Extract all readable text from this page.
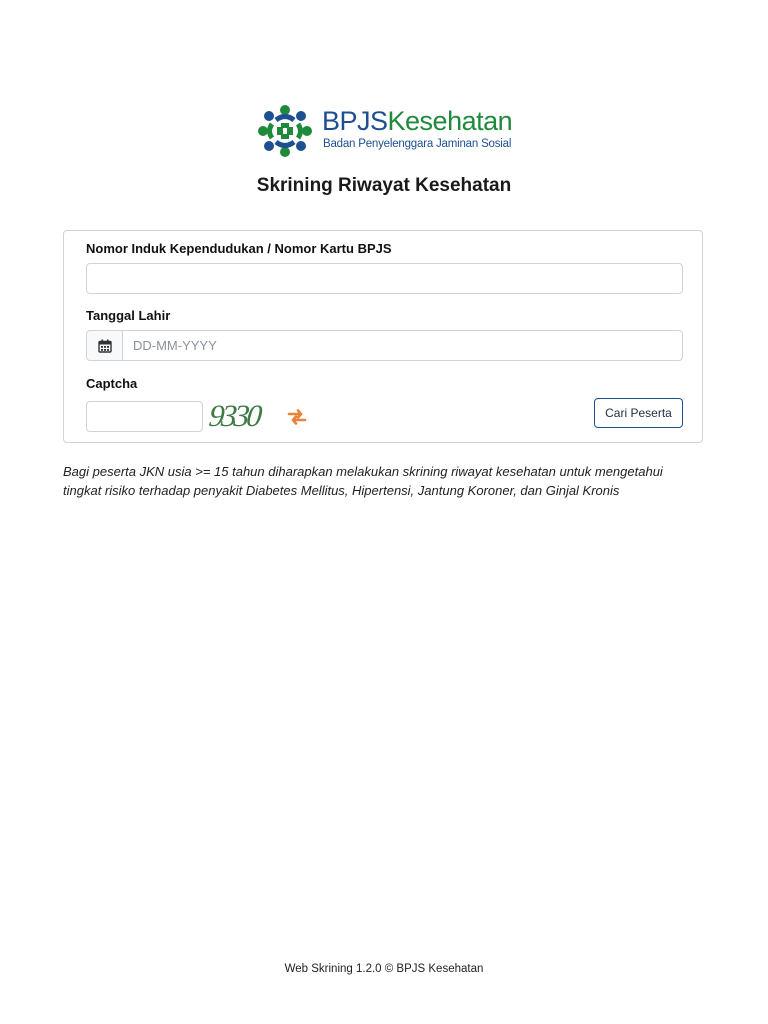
BPJSKesehatan
Badan Penyelenggara Jaminan Sosial
Skrining Riwayat Kesehatan
Nomor Induk Kependudukan / Nomor Kartu BPJS
Tanggal Lahir
DD-MM-YYYY
Captcha
9330	Cari Peserta

Bagi peserta JKN usia >= 15 tahun diharapkan melakukan skrining riwayat kesehatan untuk mengetahui tingkat risiko terhadap penyakit Diabetes Mellitus, Hipertensi, Jantung Koroner, dan Ginjal Kronis

Web Skrining 1.2.0 © BPJS Kesehatan
